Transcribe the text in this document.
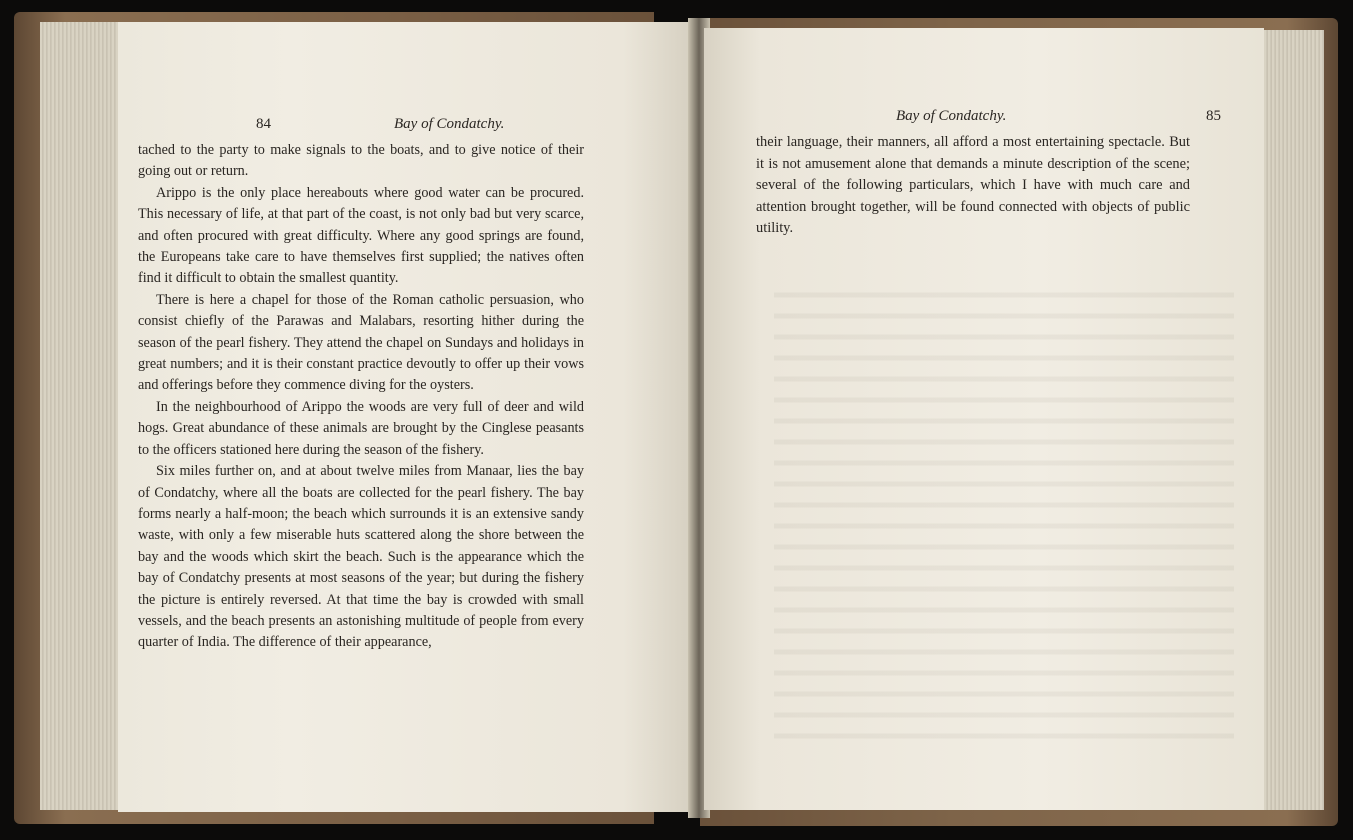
84	Bay of Condatchy.

tached to the party to make signals to the boats, and to give notice of their going out or return.

Arippo is the only place hereabouts where good water can be procured. This necessary of life, at that part of the coast, is not only bad but very scarce, and often procured with great difficulty. Where any good springs are found, the Europeans take care to have themselves first supplied; the natives often find it difficult to obtain the smallest quantity.

There is here a chapel for those of the Roman catholic persuasion, who consist chiefly of the Parawas and Malabars, resorting hither during the season of the pearl fishery. They attend the chapel on Sundays and holidays in great numbers; and it is their constant practice devoutly to offer up their vows and offerings before they commence diving for the oysters.

In the neighbourhood of Arippo the woods are very full of deer and wild hogs. Great abundance of these animals are brought by the Cinglese peasants to the officers stationed here during the season of the fishery.

Six miles further on, and at about twelve miles from Manaar, lies the bay of Condatchy, where all the boats are collected for the pearl fishery. The bay forms nearly a half-moon; the beach which surrounds it is an extensive sandy waste, with only a few miserable huts scattered along the shore between the bay and the woods which skirt the beach. Such is the appearance which the bay of Condatchy presents at most seasons of the year; but during the fishery the picture is entirely reversed. At that time the bay is crowded with small vessels, and the beach presents an astonishing multitude of people from every quarter of India. The difference of their appearance,

Bay of Condatchy.	85

their language, their manners, all afford a most entertaining spectacle. But it is not amusement alone that demands a minute description of the scene; several of the following particulars, which I have with much care and attention brought together, will be found connected with objects of public utility.
